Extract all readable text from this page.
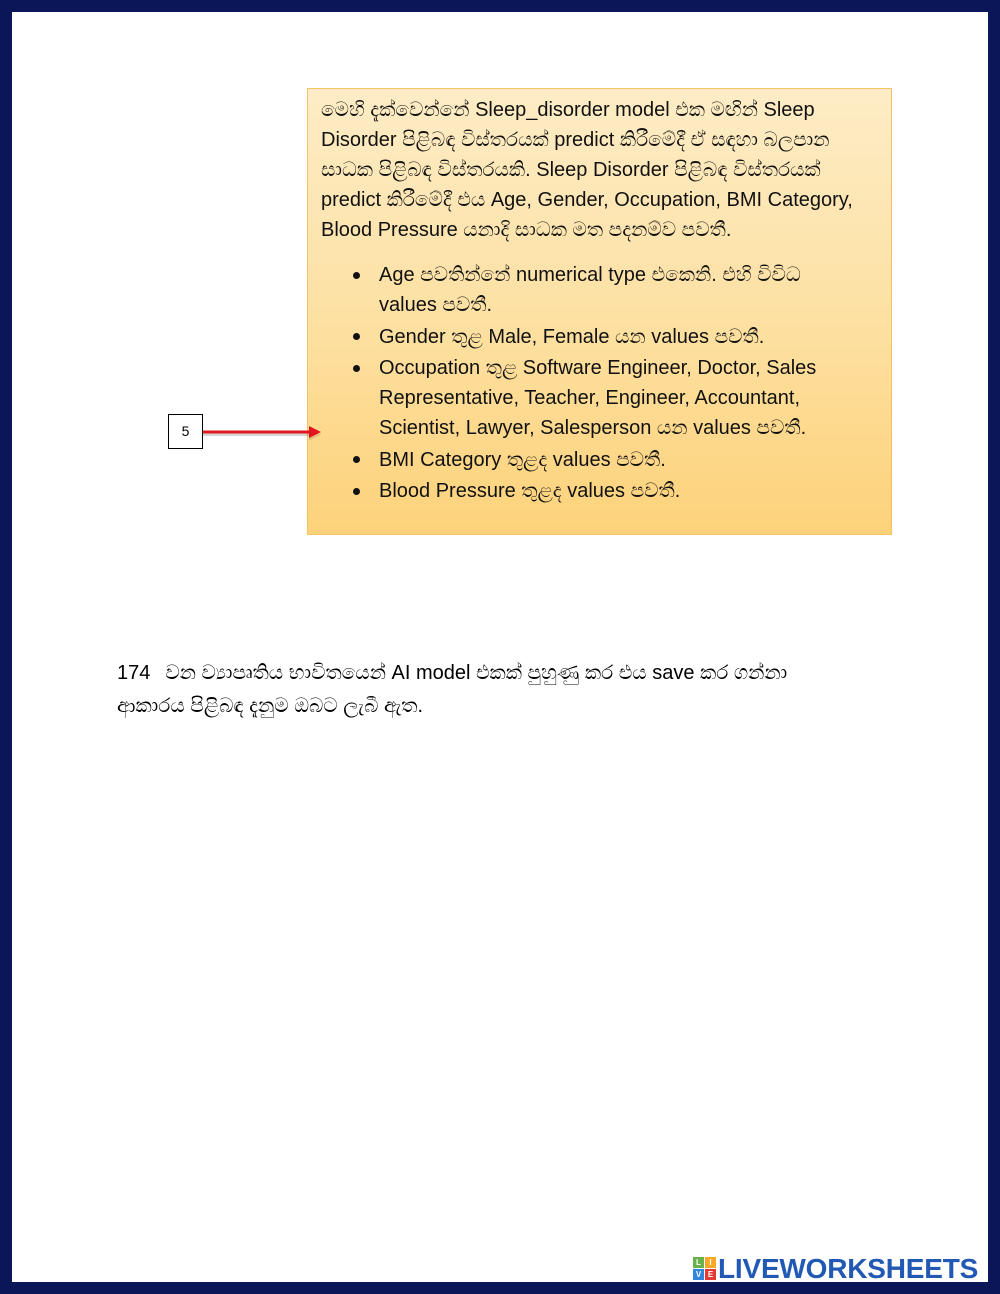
මෙහි දැක්වෙන්නේ Sleep_disorder model එක මඟින් Sleep
Disorder පිළිබඳ විස්තරයක් predict කිරීමේදී ඒ සඳහා බලපාන
සාධක පිළිබඳ විස්තරයකි. Sleep Disorder පිළිබඳ විස්තරයක්
predict කිරීමේදී එය Age, Gender, Occupation, BMI Category,
Blood Pressure යනාදි සාධක මත පදනම්ව පවතී.
Age පවතින්නේ numerical type එකෙනි. එහි විවිධ
values පවතී.
Gender තුළ Male, Female යන values පවතී.
Occupation තුළ Software Engineer, Doctor, Sales
Representative, Teacher, Engineer, Accountant,
Scientist, Lawyer, Salesperson යන values පවතී.
BMI Category තුළද values පවතී.
Blood Pressure තුළද values පවතී.
5
174 වන ව්‍යාපෘතිය භාවිතයෙන් AI model එකක් පුහුණු කර එය save කර ගන්නා
ආකාරය පිළිබඳ දැනුම ඔබට ලැබී ඇත.
L	I
V E LIVEWORKSHEETS
